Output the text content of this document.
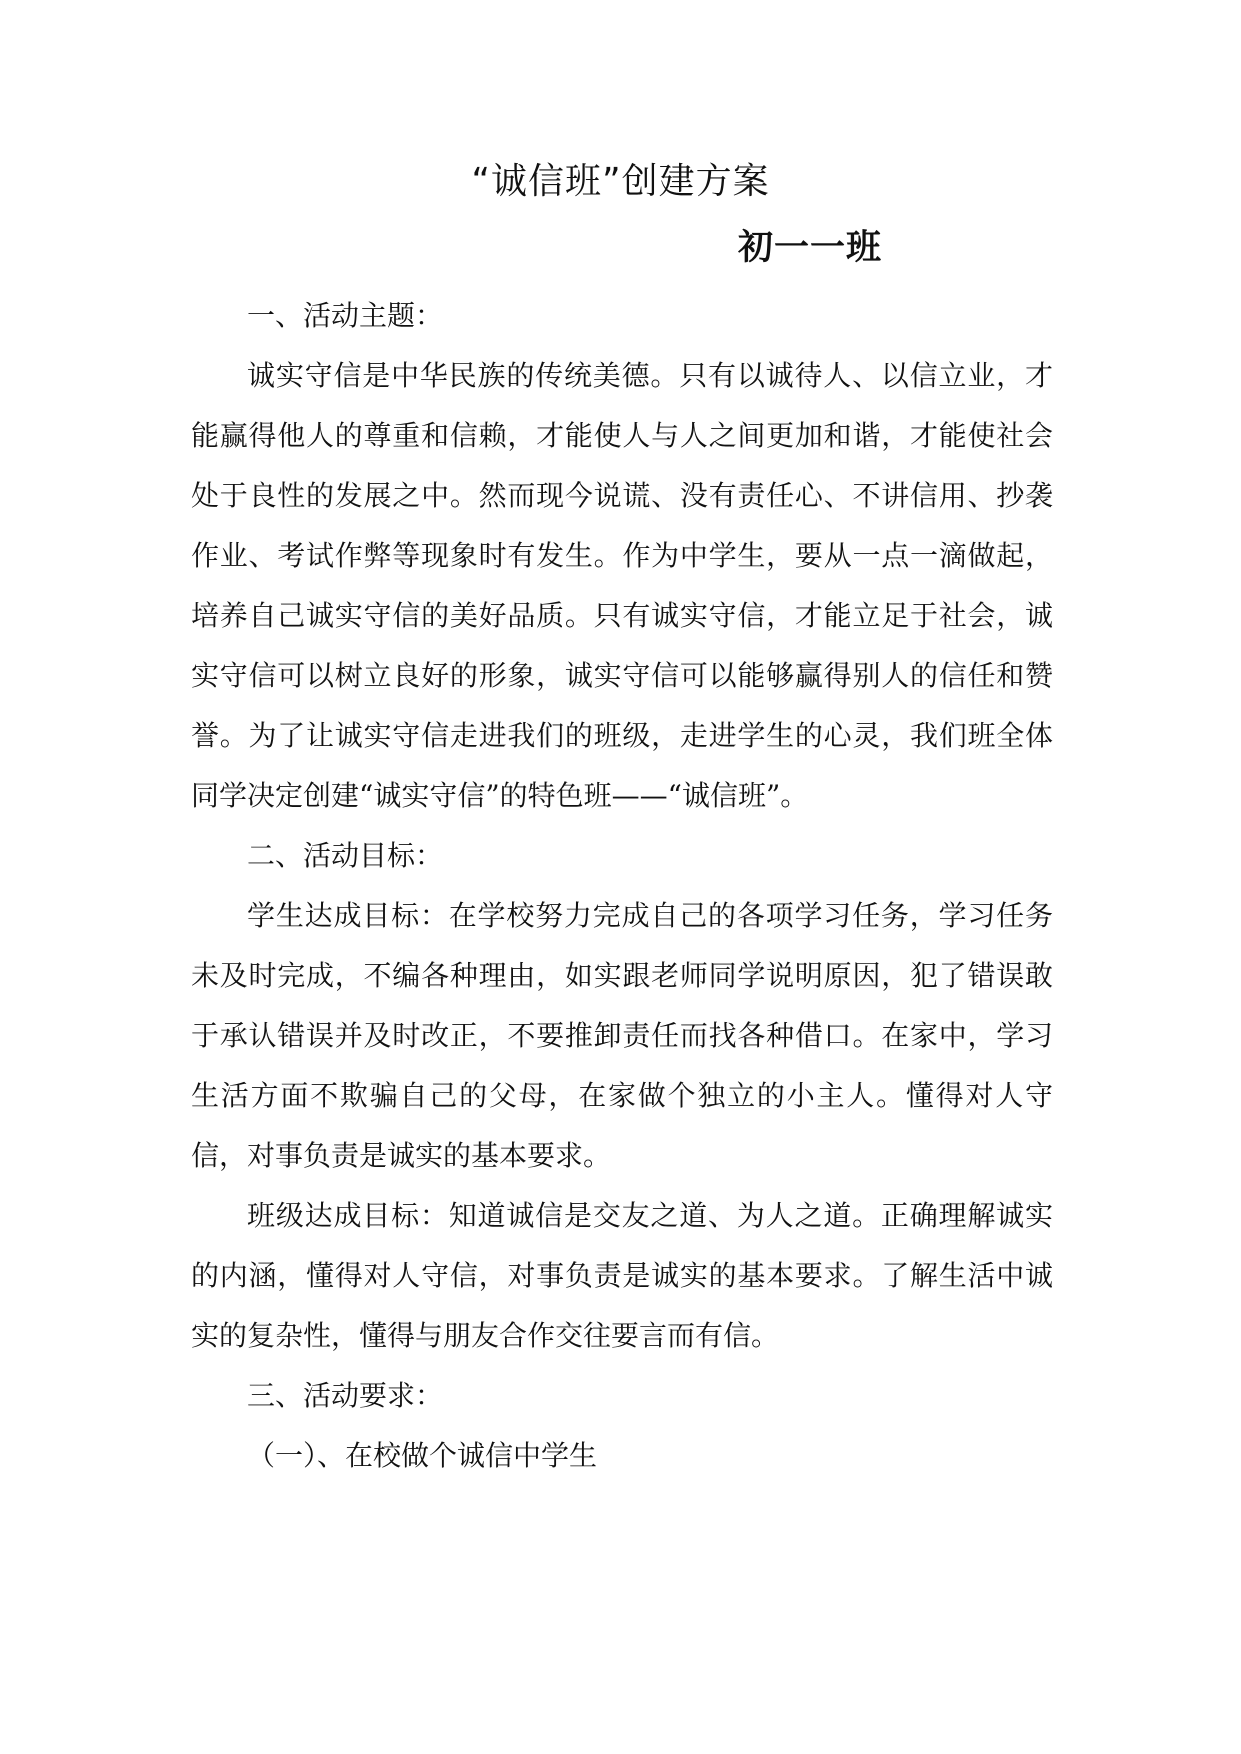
“诚信班”创建方案
初一一班

一、活动主题：

诚实守信是中华民族的传统美德。只有以诚待人、以信立业，才能赢得他人的尊重和信赖，才能使人与人之间更加和谐，才能使社会处于良性的发展之中。然而现今说谎、没有责任心、不讲信用、抄袭作业、考试作弊等现象时有发生。作为中学生，要从一点一滴做起，培养自己诚实守信的美好品质。只有诚实守信，才能立足于社会，诚实守信可以树立良好的形象，诚实守信可以能够赢得别人的信任和赞誉。为了让诚实守信走进我们的班级，走进学生的心灵，我们班全体同学决定创建“诚实守信”的特色班——“诚信班”。

二、活动目标：

学生达成目标：在学校努力完成自己的各项学习任务，学习任务未及时完成，不编各种理由，如实跟老师同学说明原因，犯了错误敢于承认错误并及时改正，不要推卸责任而找各种借口。在家中，学习生活方面不欺骗自己的父母，在家做个独立的小主人。懂得对人守信，对事负责是诚实的基本要求。

班级达成目标：知道诚信是交友之道、为人之道。正确理解诚实的内涵，懂得对人守信，对事负责是诚实的基本要求。了解生活中诚实的复杂性，懂得与朋友合作交往要言而有信。

三、活动要求：

（一）、在校做个诚信中学生
